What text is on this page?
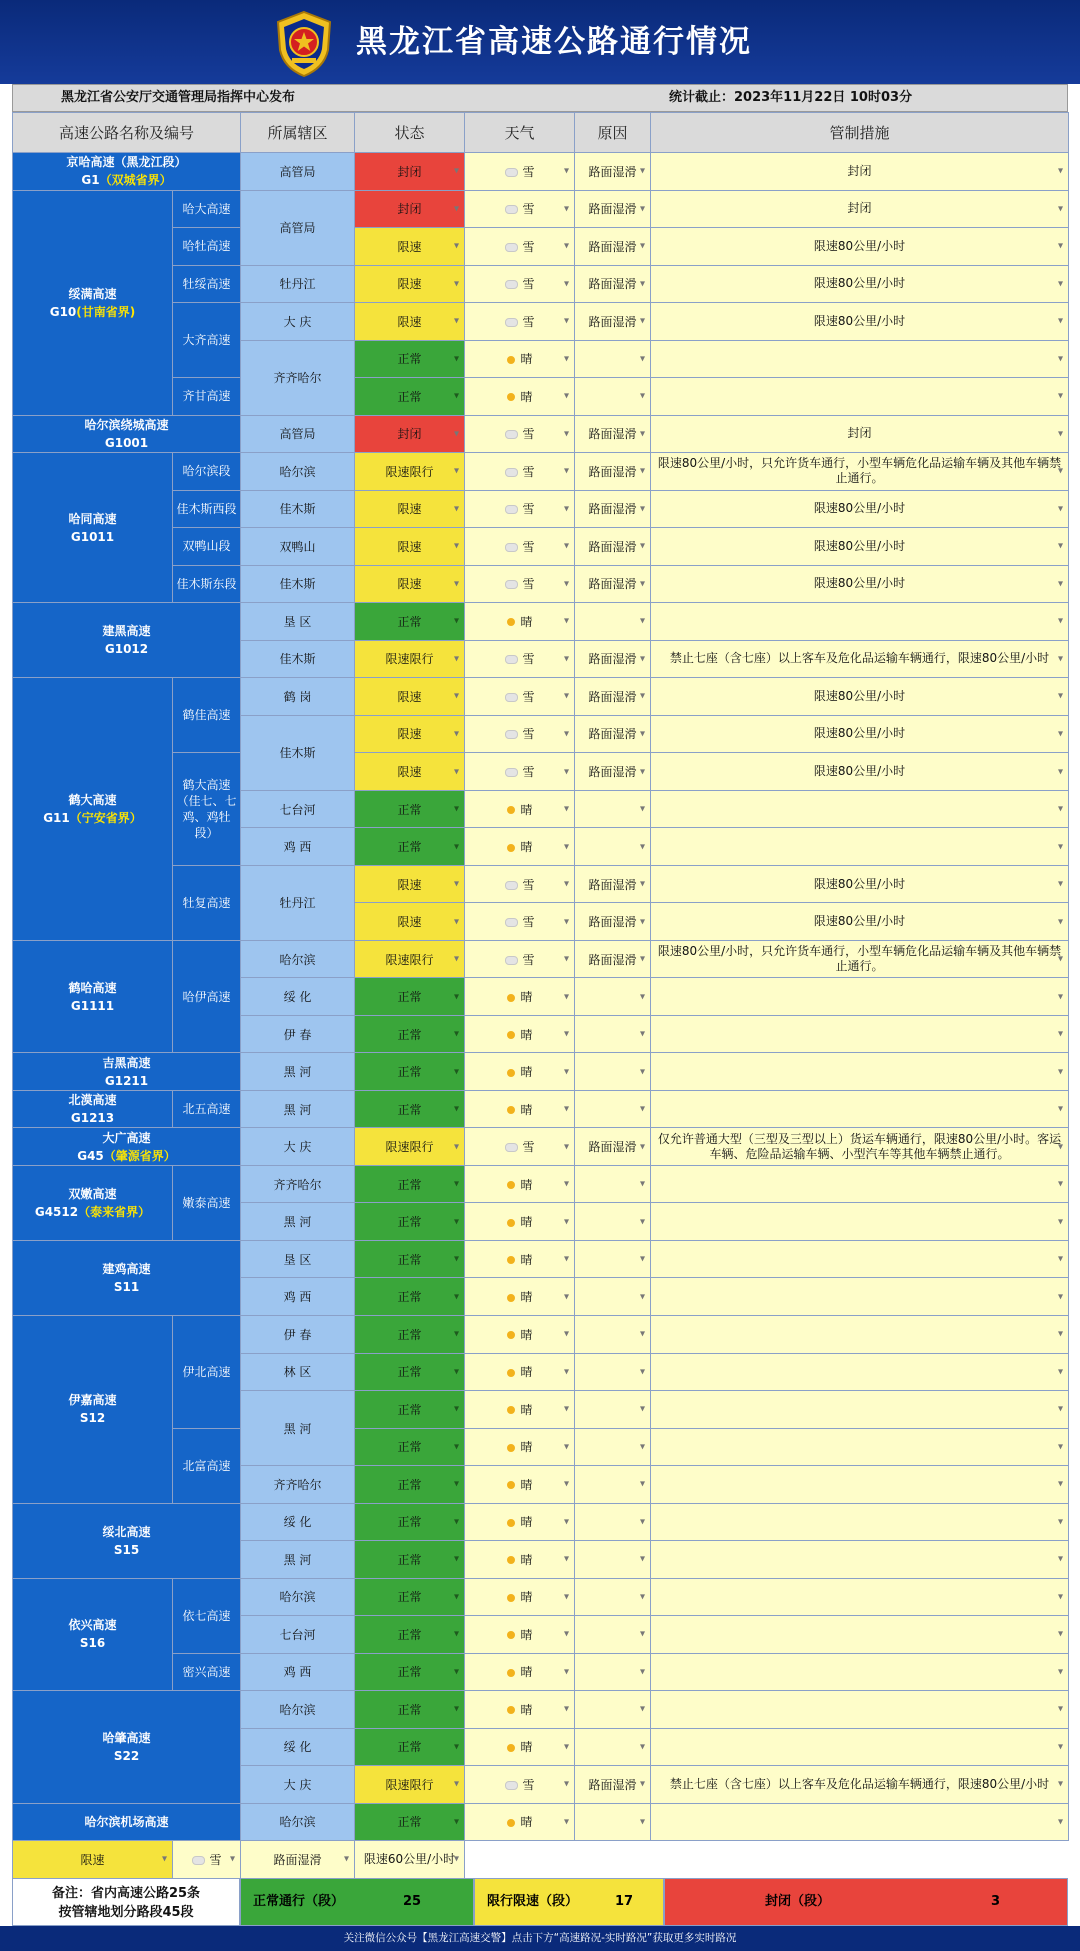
黑龙江省高速公路通行情况
黑龙江省公安厅交通管理局指挥中心发布	统计截止：2023年11月22日 10时03分
高速公路名称及编号		所属辖区	状态	天气	原因	管制措施

京哈高速（黑龙江段）
G1（双城省界）		高管局	封闭 ▾	雪 ▾	路面湿滑 ▾	封闭 ▾

绥满高速
G10(甘南省界)	哈大高速	高管局	封闭 ▾	雪 ▾	路面湿滑 ▾	封闭 ▾
	哈牡高速		限速 ▾	雪 ▾	路面湿滑 ▾	限速80公里/小时 ▾
	牡绥高速	牡丹江	限速 ▾	雪 ▾	路面湿滑 ▾	限速80公里/小时 ▾
	大齐高速	大 庆	限速 ▾	雪 ▾	路面湿滑 ▾	限速80公里/小时 ▾
		齐齐哈尔	正常 ▾	晴 ▾	▾	▾
	齐甘高速		正常 ▾	晴 ▾	▾	▾

哈尔滨绕城高速
G1001		高管局	封闭 ▾	雪 ▾	路面湿滑 ▾	封闭 ▾

哈同高速
G1011	哈尔滨段	哈尔滨	限速限行 ▾	雪 ▾	路面湿滑 ▾	限速80公里/小时，只允许货车通行，小型车辆危化品运输车辆及其他车辆禁止通行。 ▾
	佳木斯西段	佳木斯	限速 ▾	雪 ▾	路面湿滑 ▾	限速80公里/小时 ▾
	双鸭山段	双鸭山	限速 ▾	雪 ▾	路面湿滑 ▾	限速80公里/小时 ▾
	佳木斯东段	佳木斯	限速 ▾	雪 ▾	路面湿滑 ▾	限速80公里/小时 ▾

建黑高速
G1012		垦 区	正常 ▾	晴 ▾	▾	▾
		佳木斯	限速限行 ▾	雪 ▾	路面湿滑 ▾	禁止七座（含七座）以上客车及危化品运输车辆通行，限速80公里/小时 ▾

鹤大高速
G11（宁安省界）	鹤佳高速	鹤 岗	限速 ▾	雪 ▾	路面湿滑 ▾	限速80公里/小时 ▾
		佳木斯	限速 ▾	雪 ▾	路面湿滑 ▾	限速80公里/小时 ▾
	鹤大高速（佳七、七鸡、鸡牡段）		限速 ▾	雪 ▾	路面湿滑 ▾	限速80公里/小时 ▾
		七台河	正常 ▾	晴 ▾	▾	▾
		鸡 西	正常 ▾	晴 ▾	▾	▾
	牡复高速	牡丹江	限速 ▾	雪 ▾	路面湿滑 ▾	限速80公里/小时 ▾
			限速 ▾	雪 ▾	路面湿滑 ▾	限速80公里/小时 ▾

鹤哈高速
G1111	哈伊高速	哈尔滨	限速限行 ▾	雪 ▾	路面湿滑 ▾	限速80公里/小时，只允许货车通行，小型车辆危化品运输车辆及其他车辆禁止通行。 ▾
		绥 化	正常 ▾	晴 ▾	▾	▾
		伊 春	正常 ▾	晴 ▾	▾	▾

吉黑高速
G1211		黑 河	正常 ▾	晴 ▾	▾	▾

北漠高速
G1213	北五高速	黑 河	正常 ▾	晴 ▾	▾	▾

大广高速
G45（肇源省界）		大 庆	限速限行 ▾	雪 ▾	路面湿滑 ▾	仅允许普通大型（三型及三型以上）货运车辆通行，限速80公里/小时。客运车辆、危险品运输车辆、小型汽车等其他车辆禁止通行。 ▾

双嫩高速
G4512（泰来省界）	嫩泰高速	齐齐哈尔	正常 ▾	晴 ▾	▾	▾
		黑 河	正常 ▾	晴 ▾	▾	▾

建鸡高速
S11		垦 区	正常 ▾	晴 ▾	▾	▾
		鸡 西	正常 ▾	晴 ▾	▾	▾

伊嘉高速
S12	伊北高速	伊 春	正常 ▾	晴 ▾	▾	▾
		林 区	正常 ▾	晴 ▾	▾	▾
		黑 河	正常 ▾	晴 ▾	▾	▾
	北富高速		正常 ▾	晴 ▾	▾	▾
		齐齐哈尔	正常 ▾	晴 ▾	▾	▾

绥北高速
S15		绥 化	正常 ▾	晴 ▾	▾	▾
		黑 河	正常 ▾	晴 ▾	▾	▾

依兴高速
S16	依七高速	哈尔滨	正常 ▾	晴 ▾	▾	▾
		七台河	正常 ▾	晴 ▾	▾	▾
	密兴高速	鸡 西	正常 ▾	晴 ▾	▾	▾

哈肇高速
S22		哈尔滨	正常 ▾	晴 ▾	▾	▾
		绥 化	正常 ▾	晴 ▾	▾	▾
		大 庆	限速限行 ▾	雪 ▾	路面湿滑 ▾	禁止七座（含七座）以上客车及危化品运输车辆通行，限速80公里/小时 ▾

哈尔滨机场高速		哈尔滨	正常 ▾	晴 ▾	▾	▾
限速 ▾	雪 ▾	路面湿滑 ▾	限速60公里/小时 ▾
备注：省内高速公路25条
按管辖地划分路段45段
正常通行（段）	25	限行限速（段）	17	封闭（段）	3
关注微信公众号【黑龙江高速交警】点击下方“高速路况-实时路况”获取更多实时路况
